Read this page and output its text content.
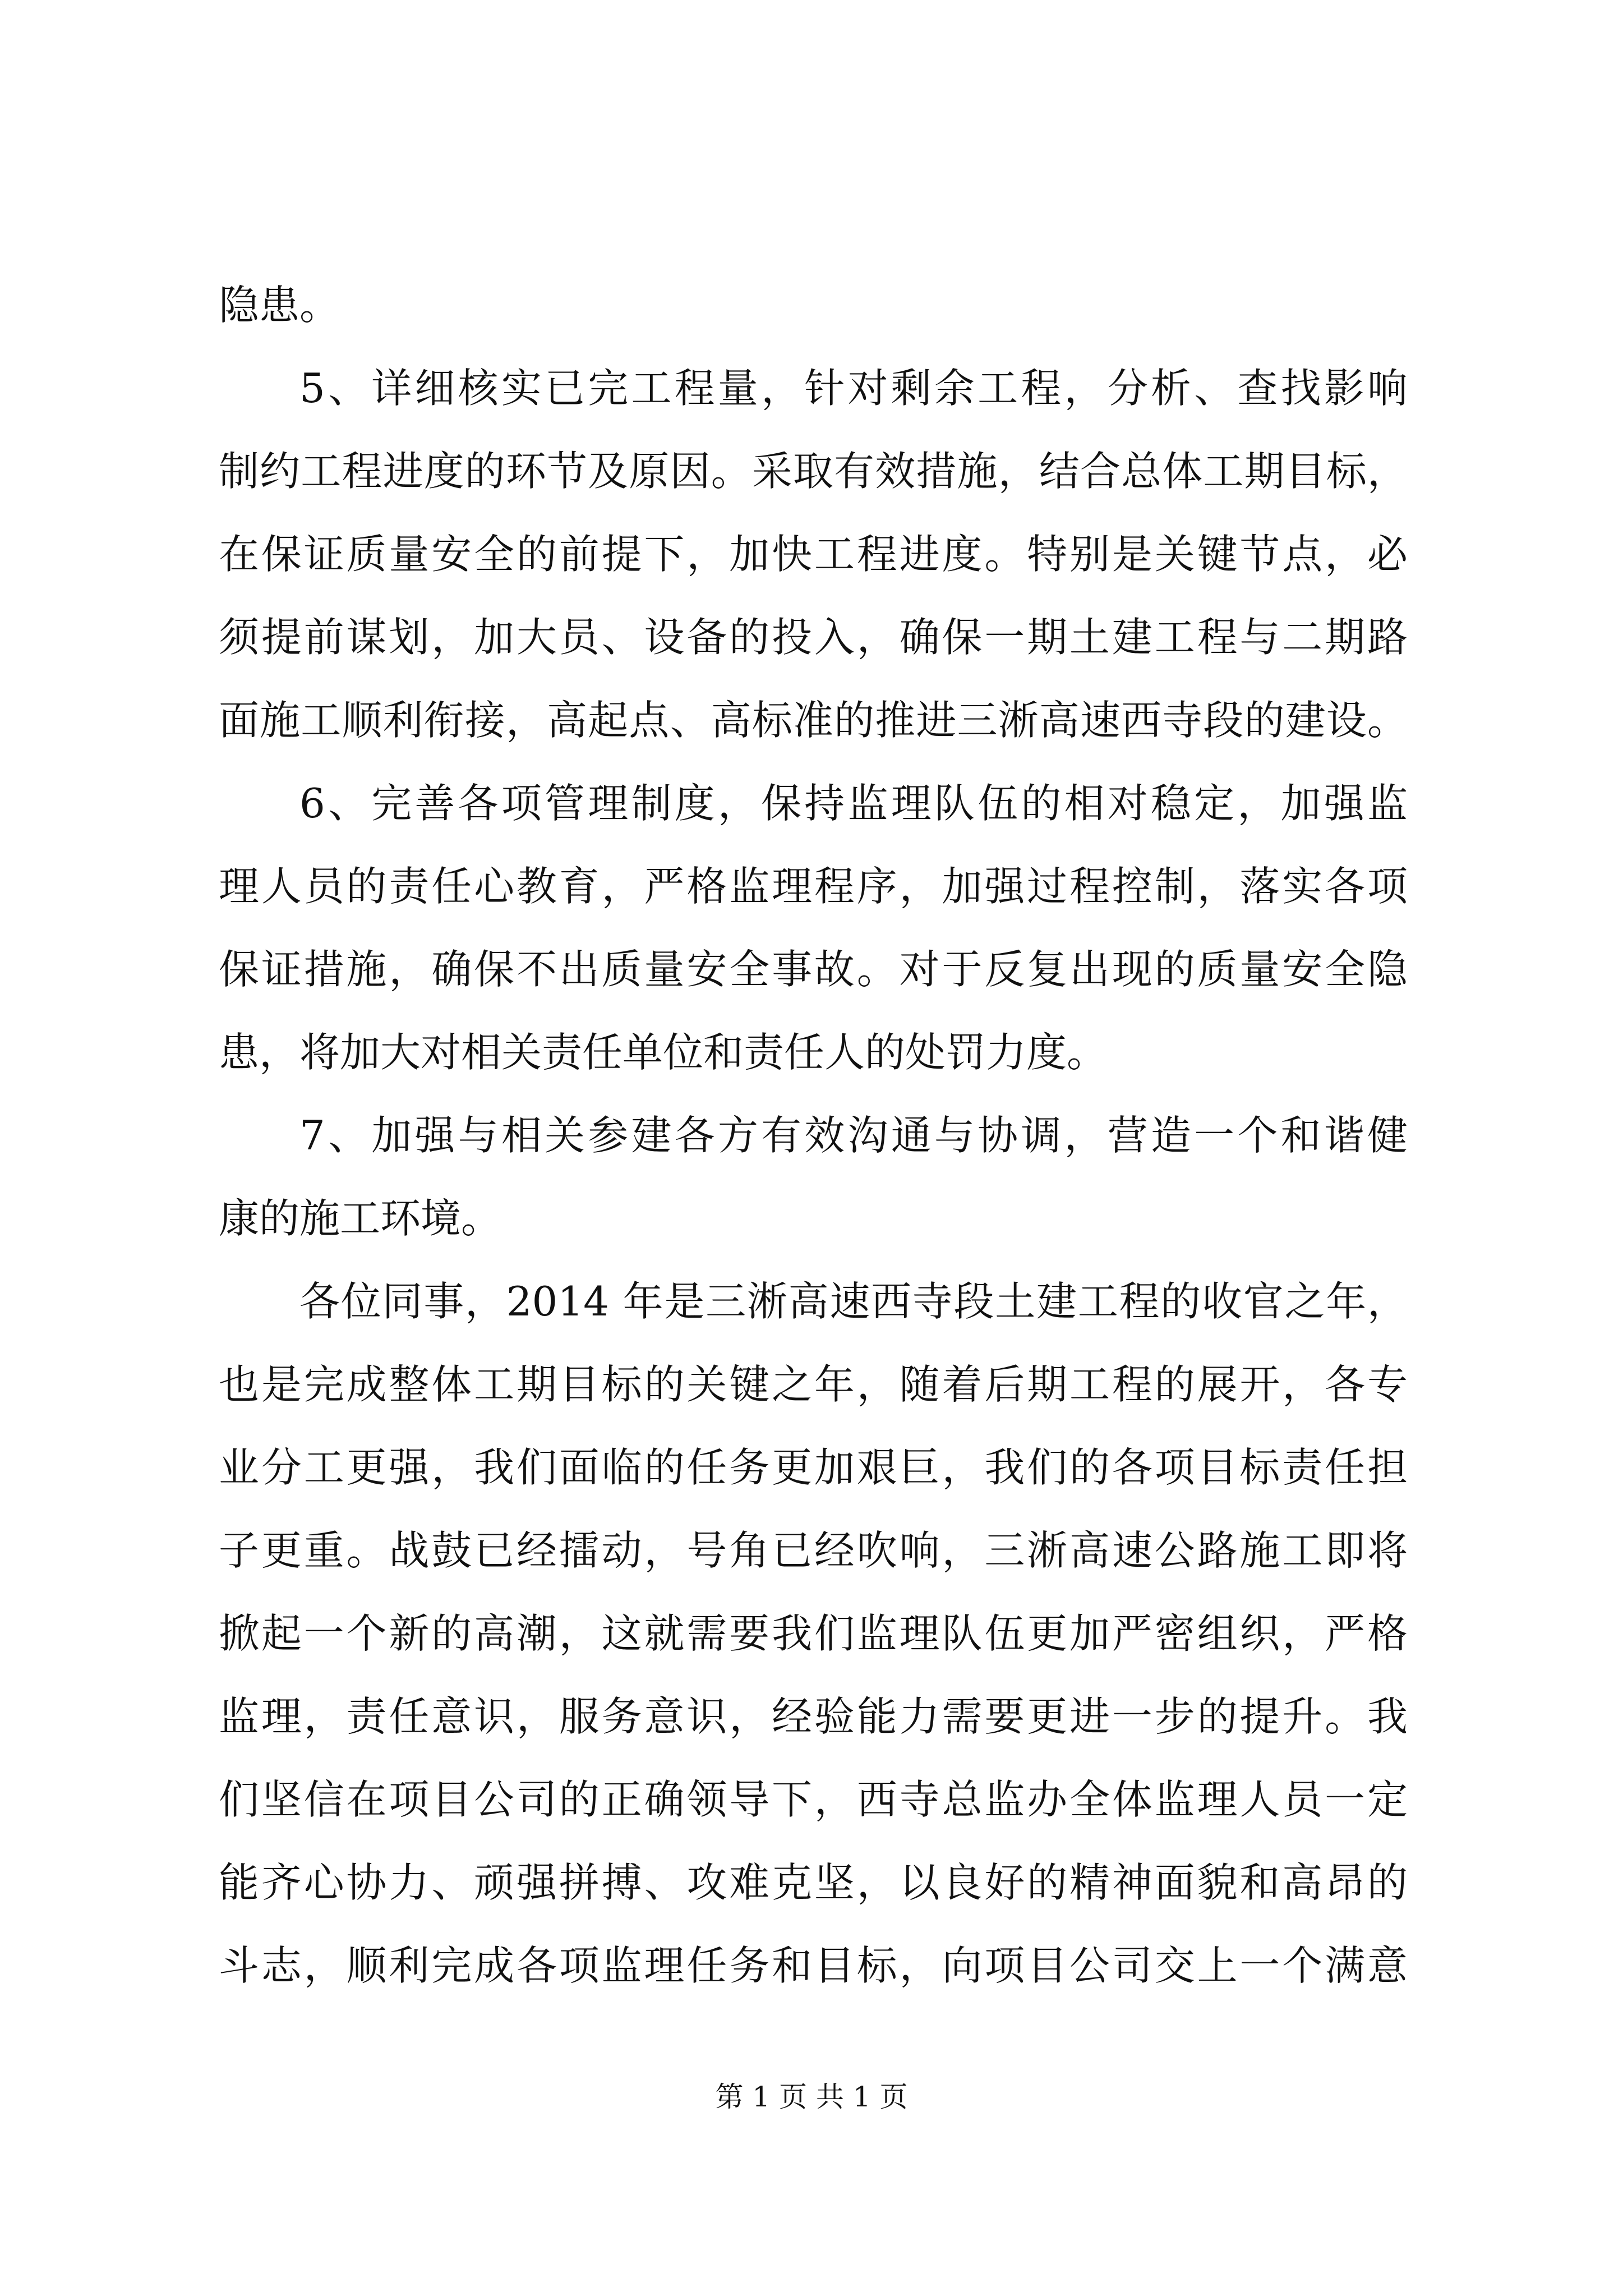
隐患。
5、详细核实已完工程量，针对剩余工程，分析、查找影响
制约工程进度的环节及原因。采取有效措施，结合总体工期目标，
在保证质量安全的前提下，加快工程进度。特别是关键节点，必
须提前谋划，加大员、设备的投入，确保一期土建工程与二期路
面施工顺利衔接，高起点、高标准的推进三淅高速西寺段的建设。
6、完善各项管理制度，保持监理队伍的相对稳定，加强监
理人员的责任心教育，严格监理程序，加强过程控制，落实各项
保证措施，确保不出质量安全事故。对于反复出现的质量安全隐
患，将加大对相关责任单位和责任人的处罚力度。
7、加强与相关参建各方有效沟通与协调，营造一个和谐健
康的施工环境。
各位同事，2014 年是三淅高速西寺段土建工程的收官之年，
也是完成整体工期目标的关键之年，随着后期工程的展开，各专
业分工更强，我们面临的任务更加艰巨，我们的各项目标责任担
子更重。战鼓已经擂动，号角已经吹响，三淅高速公路施工即将
掀起一个新的高潮，这就需要我们监理队伍更加严密组织，严格
监理，责任意识，服务意识，经验能力需要更进一步的提升。我
们坚信在项目公司的正确领导下，西寺总监办全体监理人员一定
能齐心协力、顽强拼搏、攻难克坚，以良好的精神面貌和高昂的
斗志，顺利完成各项监理任务和目标，向项目公司交上一个满意
第 1 页 共 1 页
